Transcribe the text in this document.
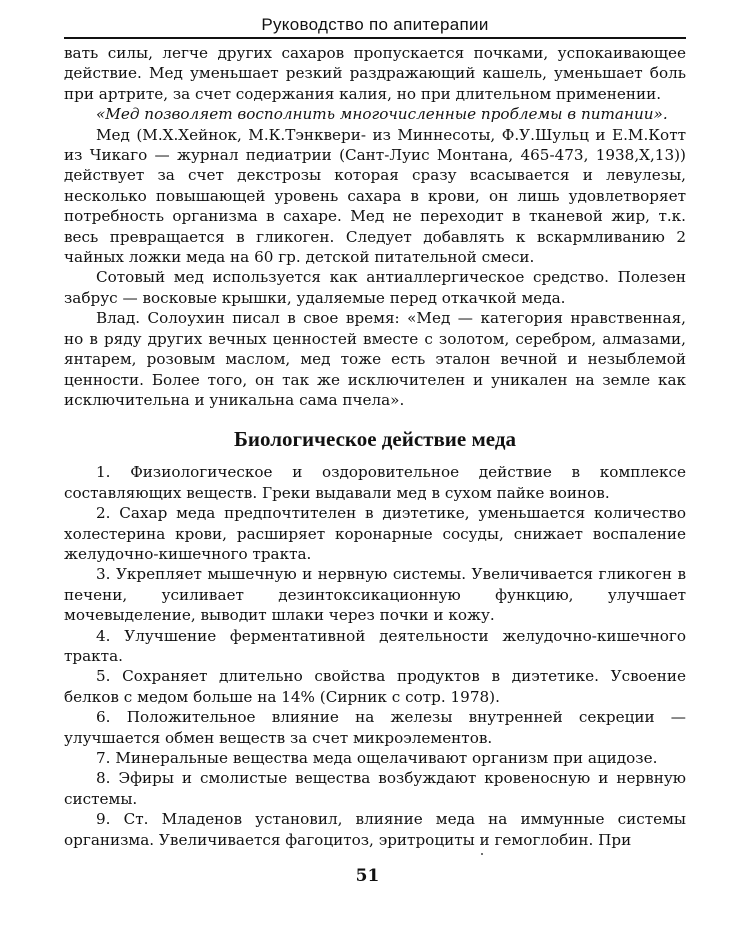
Руководство по апитерапии

вать силы, легче других сахаров пропускается почками, успокаивающее действие. Мед уменьшает резкий раздражающий кашель, уменьшает боль при артрите, за счет содержания калия, но при длительном применении.

«Мед позволяет восполнить многочисленные проблемы в питании».

Мед (М.Х.Хейнок, М.К.Тэнквери- из Миннесоты, Ф.У.Шульц и Е.М.Котт из Чикаго — журнал педиатрии (Сант-Луис Монтана, 465-473, 1938,X,13)) действует за счет декстрозы которая сразу всасывается и левулезы, несколько повышающей уровень сахара в крови, он лишь удовлетворяет потребность организма в сахаре. Мед не переходит в тканевой жир, т.к. весь превращается в гликоген. Следует добавлять к вскармливанию 2 чайных ложки меда на 60 гр. детской питательной смеси.

Сотовый мед используется как антиаллергическое средство. Полезен забрус — восковые крышки, удаляемые перед откачкой меда.

Влад. Солоухин писал в свое время: «Мед — категория нравственная, но в ряду других вечных ценностей вместе с золотом, серебром, алмазами, янтарем, розовым маслом, мед тоже есть эталон вечной и незыблемой ценности. Более того, он так же исключителен и уникален на земле как исключительна и уникальна сама пчела».

Биологическое действие меда

1. Физиологическое и оздоровительное действие в комплексе составляющих веществ. Греки выдавали мед в сухом пайке воинов.

2. Сахар меда предпочтителен в диэтетике, уменьшается количество холестерина крови, расширяет коронарные сосуды, снижает воспаление желудочно-кишечного тракта.

3. Укрепляет мышечную и нервную системы. Увеличивается гликоген в печени, усиливает дезинтоксикационную функцию, улучшает мочевыделение, выводит шлаки через почки и кожу.

4. Улучшение ферментативной деятельности желудочно-кишечного тракта.

5. Сохраняет длительно свойства продуктов в диэтетике. Усвоение белков с медом больше на 14% (Сирник с сотр. 1978).

6. Положительное влияние на железы внутренней секреции — улучшается обмен веществ за счет микроэлементов.

7. Минеральные вещества меда ощелачивают организм при ацидозе.

8. Эфиры и смолистые вещества возбуждают кровеносную и нервную системы.

9. Ст. Младенов установил, влияние меда на иммунные системы организма. Увеличивается фагоцитоз, эритроциты и гемоглобин. При

51
